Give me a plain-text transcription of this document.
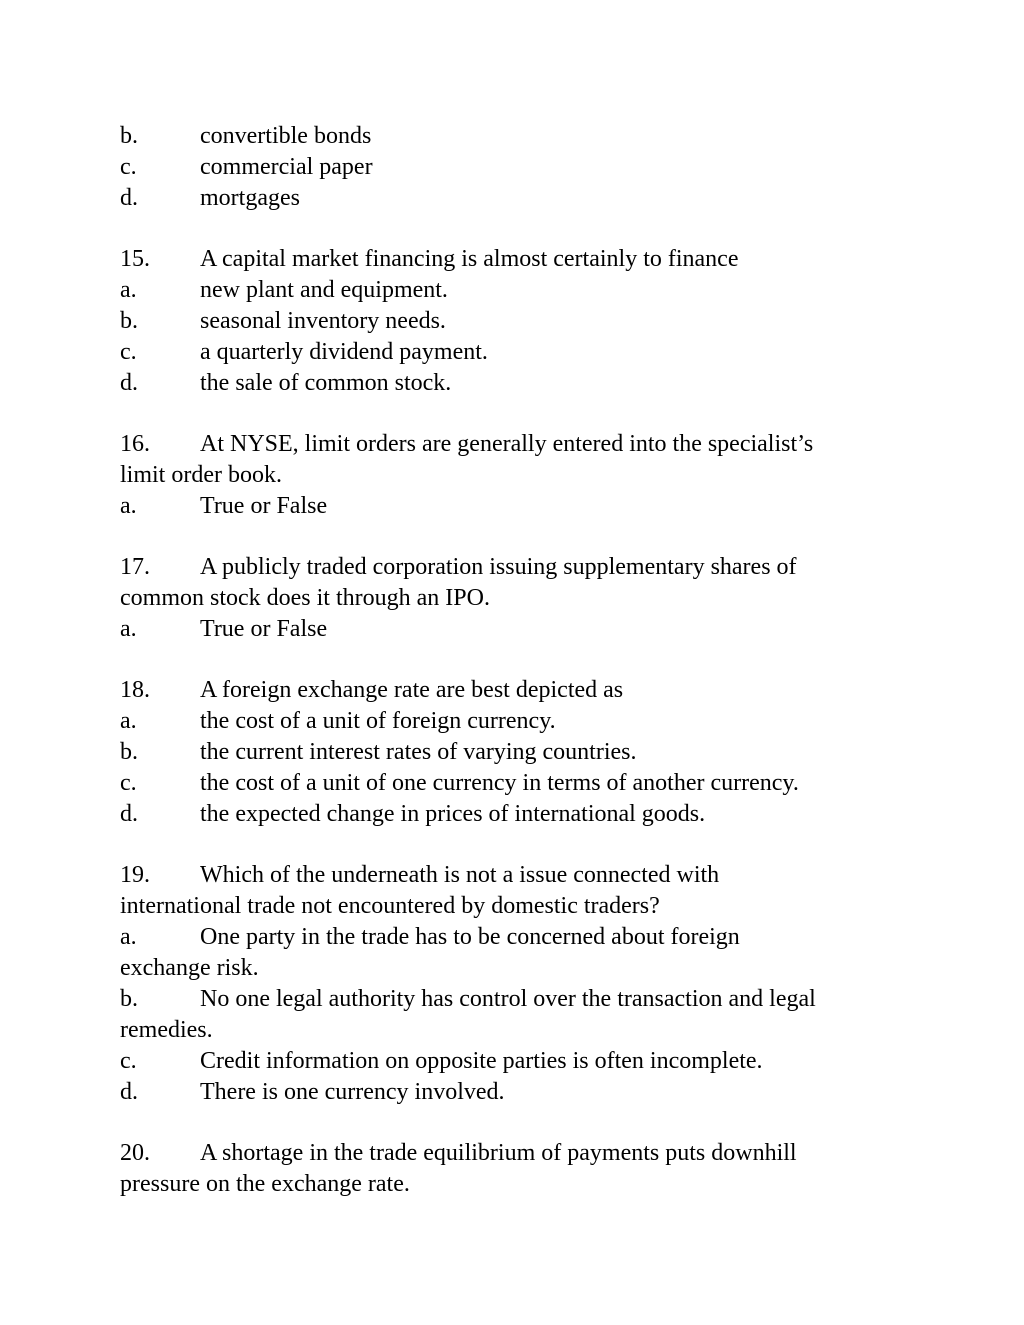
b.	convertible bonds
c.	commercial paper
d.	mortgages
15. A capital market financing is almost certainly to finance
a.	new plant and equipment.
b.	seasonal inventory needs.
c.	a quarterly dividend payment.
d.	the sale of common stock.
16. At NYSE, limit orders are generally entered into the specialist’s
limit order book.
a.	True or False
17. A publicly traded corporation issuing supplementary shares of
common stock does it through an IPO.
a.	True or False
18. A foreign exchange rate are best depicted as
a.	the cost of a unit of foreign currency.
b.	the current interest rates of varying countries.
c.	the cost of a unit of one currency in terms of another currency.
d.	the expected change in prices of international goods.
19. Which of the underneath is not a issue connected with
international trade not encountered by domestic traders?
a.	One party in the trade has to be concerned about foreign
exchange risk.
b.	No one legal authority has control over the transaction and legal
remedies.
c.	Credit information on opposite parties is often incomplete.
d.	There is one currency involved.
20. A shortage in the trade equilibrium of payments puts downhill
pressure on the exchange rate.
